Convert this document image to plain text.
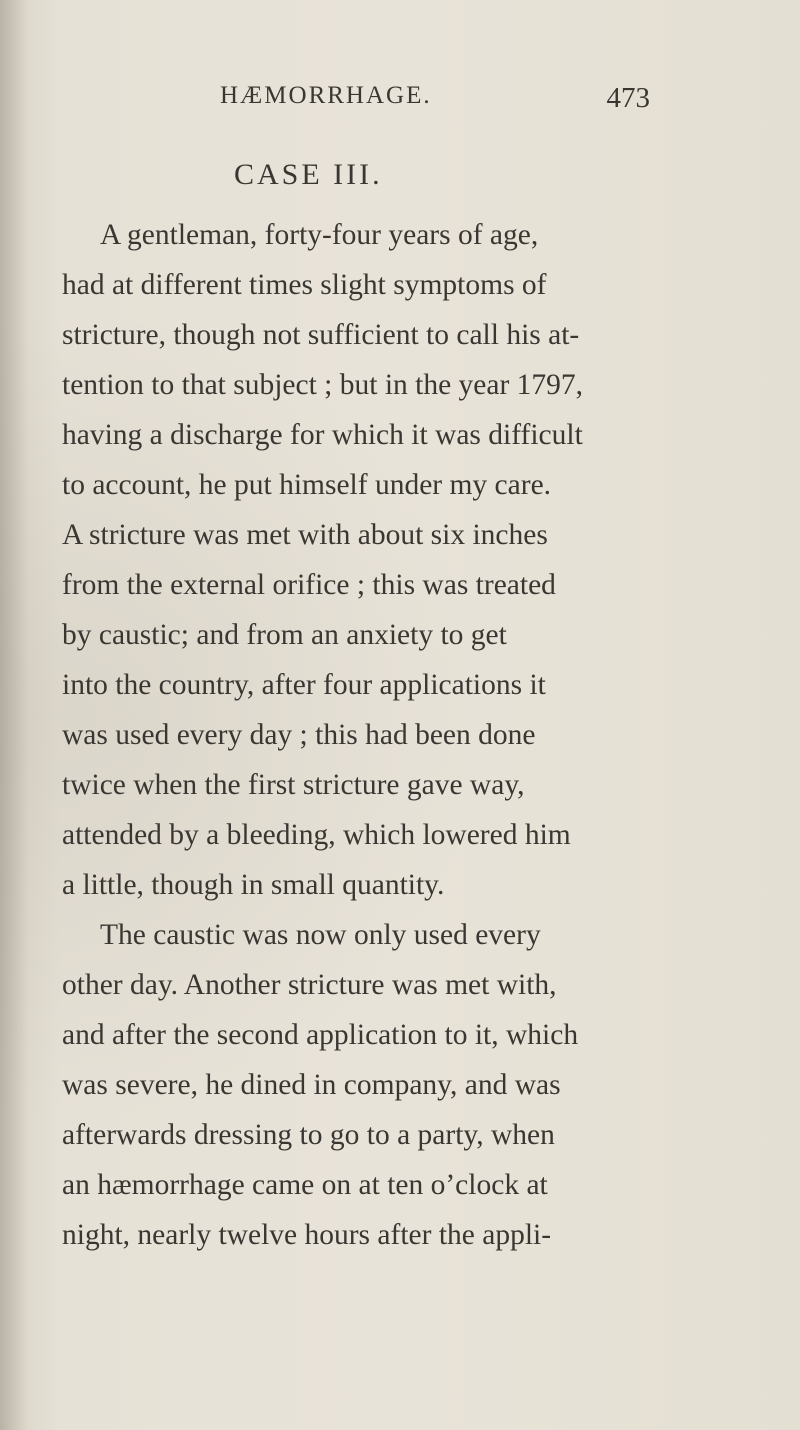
HÆMORRHAGE.	473
CASE III.
A gentleman, forty-four years of age,
had at different times slight symptoms of
stricture, though not sufficient to call his at-
tention to that subject ; but in the year 1797,
having a discharge for which it was difficult
to account, he put himself under my care.
A stricture was met with about six inches
from the external orifice ; this was treated
by caustic; and from an anxiety to get
into the country, after four applications it
was used every day ; this had been done
twice when the first stricture gave way,
attended by a bleeding, which lowered him
a little, though in small quantity.
The caustic was now only used every
other day. Another stricture was met with,
and after the second application to it, which
was severe, he dined in company, and was
afterwards dressing to go to a party, when
an hæmorrhage came on at ten o’clock at
night, nearly twelve hours after the appli-
